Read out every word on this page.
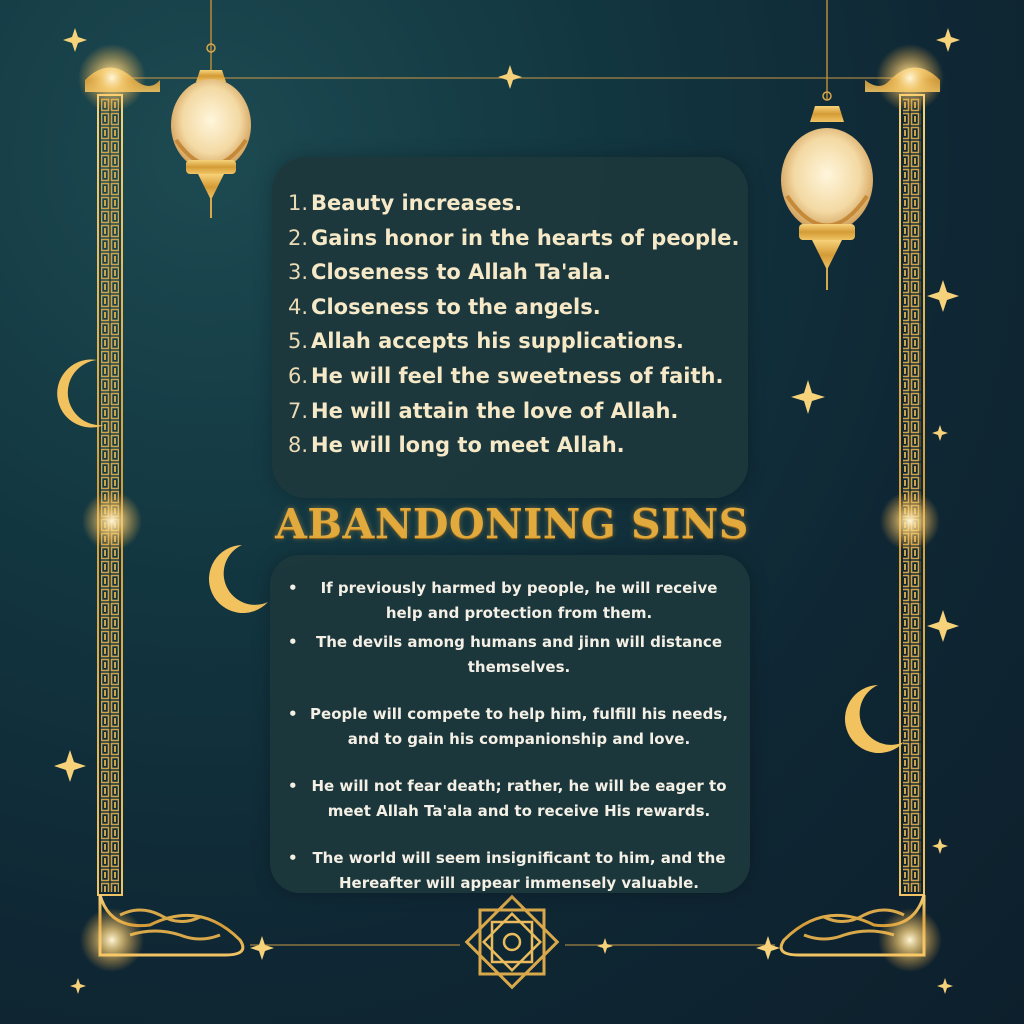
1. Beauty increases.
2. Gains honor in the hearts of people.
3. Closeness to Allah Ta'ala.
4. Closeness to the angels.
5. Allah accepts his supplications.
6. He will feel the sweetness of faith.
7. He will attain the love of Allah.
8. He will long to meet Allah.
ABANDONING SINS
• If previously harmed by people, he will receive help and protection from them.
• The devils among humans and jinn will distance themselves.
• People will compete to help him, fulfill his needs, and to gain his companionship and love.
• He will not fear death; rather, he will be eager to meet Allah Ta'ala and to receive His rewards.
• The world will seem insignificant to him, and the Hereafter will appear immensely valuable.
